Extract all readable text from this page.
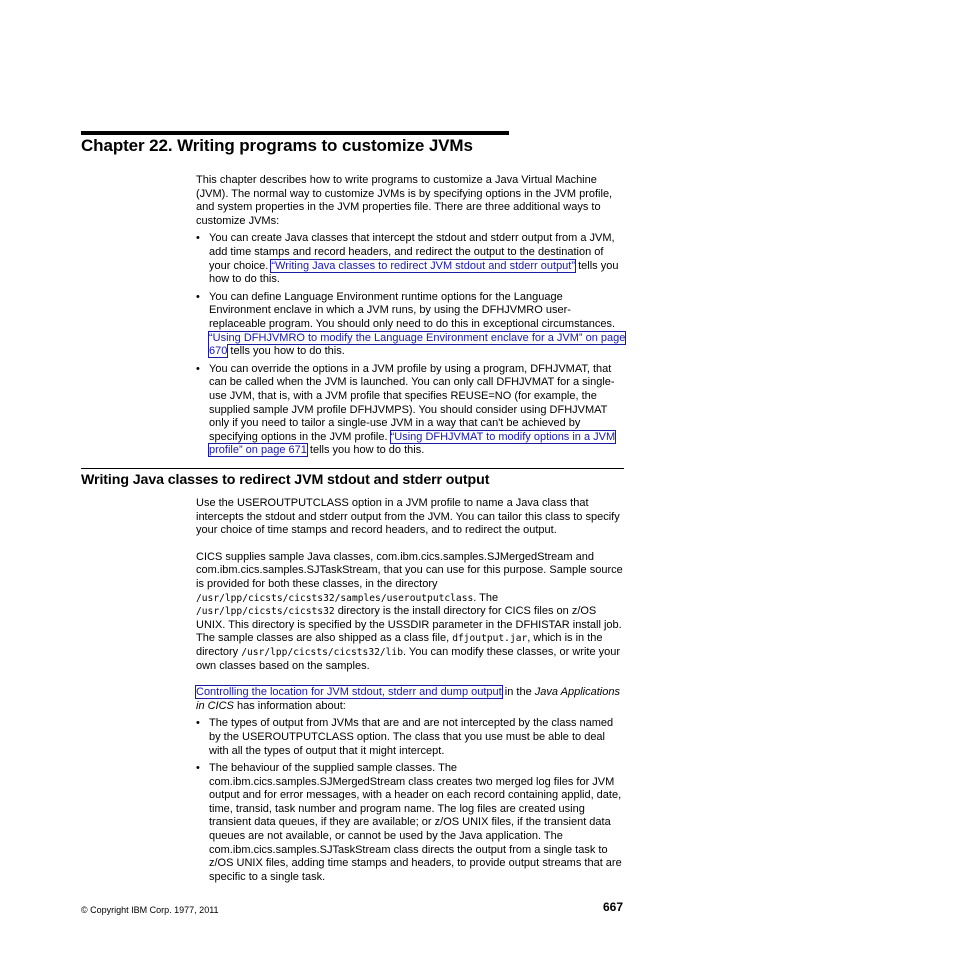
Chapter 22. Writing programs to customize JVMs

This chapter describes how to write programs to customize a Java Virtual Machine (JVM). The normal way to customize JVMs is by specifying options in the JVM profile, and system properties in the JVM properties file. There are three additional ways to customize JVMs:

• You can create Java classes that intercept the stdout and stderr output from a JVM, add time stamps and record headers, and redirect the output to the destination of your choice. “Writing Java classes to redirect JVM stdout and stderr output” tells you how to do this.
• You can define Language Environment runtime options for the Language Environment enclave in which a JVM runs, by using the DFHJVMRO user-replaceable program. You should only need to do this in exceptional circumstances. “Using DFHJVMRO to modify the Language Environment enclave for a JVM” on page 670 tells you how to do this.
• You can override the options in a JVM profile by using a program, DFHJVMAT, that can be called when the JVM is launched. You can only call DFHJVMAT for a single-use JVM, that is, with a JVM profile that specifies REUSE=NO (for example, the supplied sample JVM profile DFHJVMPS). You should consider using DFHJVMAT only if you need to tailor a single-use JVM in a way that can't be achieved by specifying options in the JVM profile. “Using DFHJVMAT to modify options in a JVM profile” on page 671 tells you how to do this.
Writing Java classes to redirect JVM stdout and stderr output

Use the USEROUTPUTCLASS option in a JVM profile to name a Java class that intercepts the stdout and stderr output from the JVM. You can tailor this class to specify your choice of time stamps and record headers, and to redirect the output.

CICS supplies sample Java classes, com.ibm.cics.samples.SJMergedStream and com.ibm.cics.samples.SJTaskStream, that you can use for this purpose. Sample source is provided for both these classes, in the directory /usr/lpp/cicsts/cicsts32/samples/useroutputclass. The /usr/lpp/cicsts/cicsts32 directory is the install directory for CICS files on z/OS UNIX. This directory is specified by the USSDIR parameter in the DFHISTAR install job. The sample classes are also shipped as a class file, dfjoutput.jar, which is in the directory /usr/lpp/cicsts/cicsts32/lib. You can modify these classes, or write your own classes based on the samples.

Controlling the location for JVM stdout, stderr and dump output in the Java Applications in CICS has information about:

• The types of output from JVMs that are and are not intercepted by the class named by the USEROUTPUTCLASS option. The class that you use must be able to deal with all the types of output that it might intercept.
• The behaviour of the supplied sample classes. The com.ibm.cics.samples.SJMergedStream class creates two merged log files for JVM output and for error messages, with a header on each record containing applid, date, time, transid, task number and program name. The log files are created using transient data queues, if they are available; or z/OS UNIX files, if the transient data queues are not available, or cannot be used by the Java application. The com.ibm.cics.samples.SJTaskStream class directs the output from a single task to z/OS UNIX files, adding time stamps and headers, to provide output streams that are specific to a single task.
© Copyright IBM Corp. 1977, 2011	667
